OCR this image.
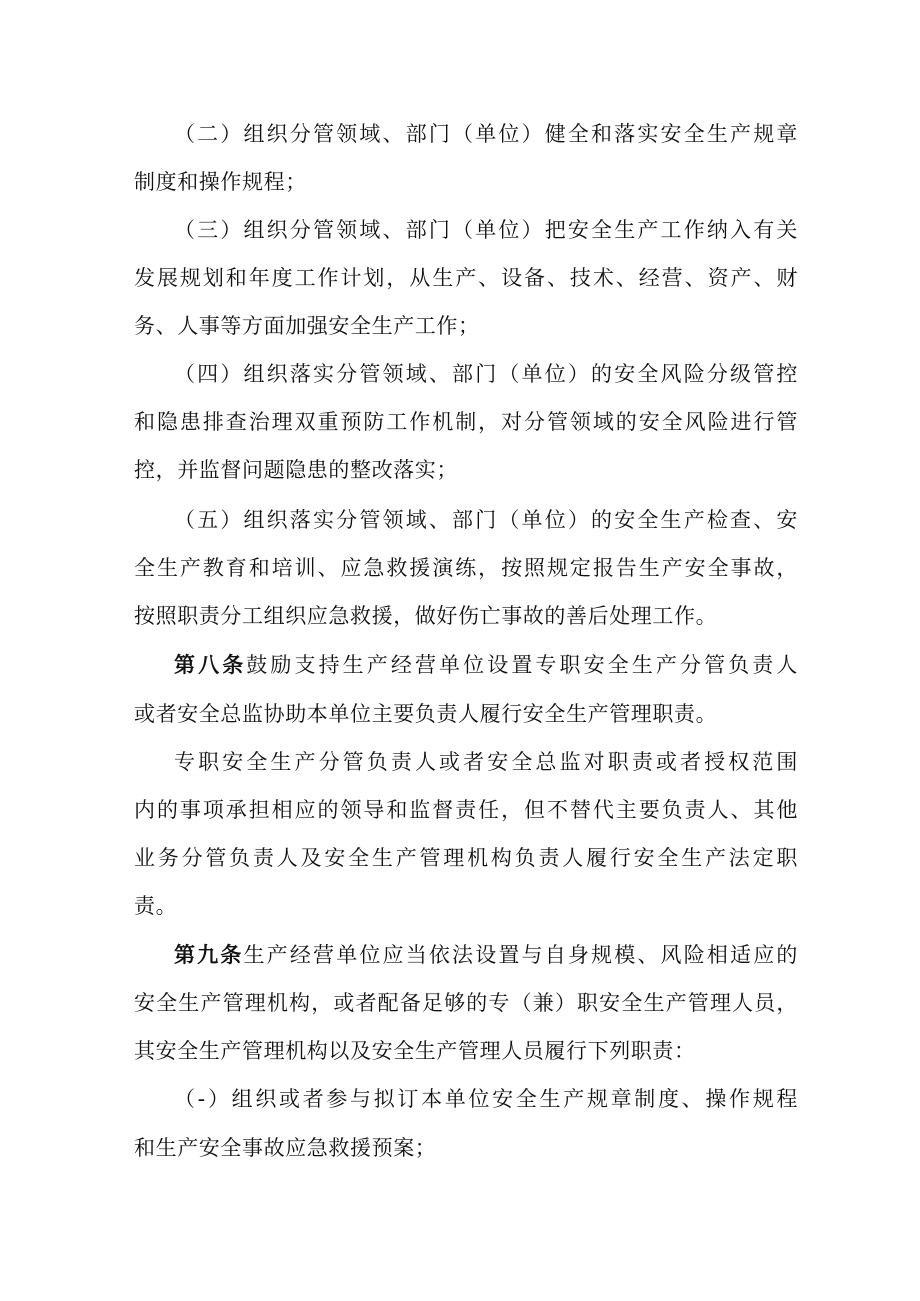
（二）组织分管领域、部门（单位）健全和落实安全生产规章
制度和操作规程；
（三）组织分管领域、部门（单位）把安全生产工作纳入有关
发展规划和年度工作计划，从生产、设备、技术、经营、资产、财
务、人事等方面加强安全生产工作；
（四）组织落实分管领域、部门（单位）的安全风险分级管控
和隐患排查治理双重预防工作机制，对分管领域的安全风险进行管
控，并监督问题隐患的整改落实；
（五）组织落实分管领域、部门（单位）的安全生产检查、安
全生产教育和培训、应急救援演练，按照规定报告生产安全事故，
按照职责分工组织应急救援，做好伤亡事故的善后处理工作。
第八条鼓励支持生产经营单位设置专职安全生产分管负责人
或者安全总监协助本单位主要负责人履行安全生产管理职责。
专职安全生产分管负责人或者安全总监对职责或者授权范围
内的事项承担相应的领导和监督责任，但不替代主要负责人、其他
业务分管负责人及安全生产管理机构负责人履行安全生产法定职
责。
第九条生产经营单位应当依法设置与自身规模、风险相适应的
安全生产管理机构，或者配备足够的专（兼）职安全生产管理人员，
其安全生产管理机构以及安全生产管理人员履行下列职责：
（-）组织或者参与拟订本单位安全生产规章制度、操作规程
和生产安全事故应急救援预案；
